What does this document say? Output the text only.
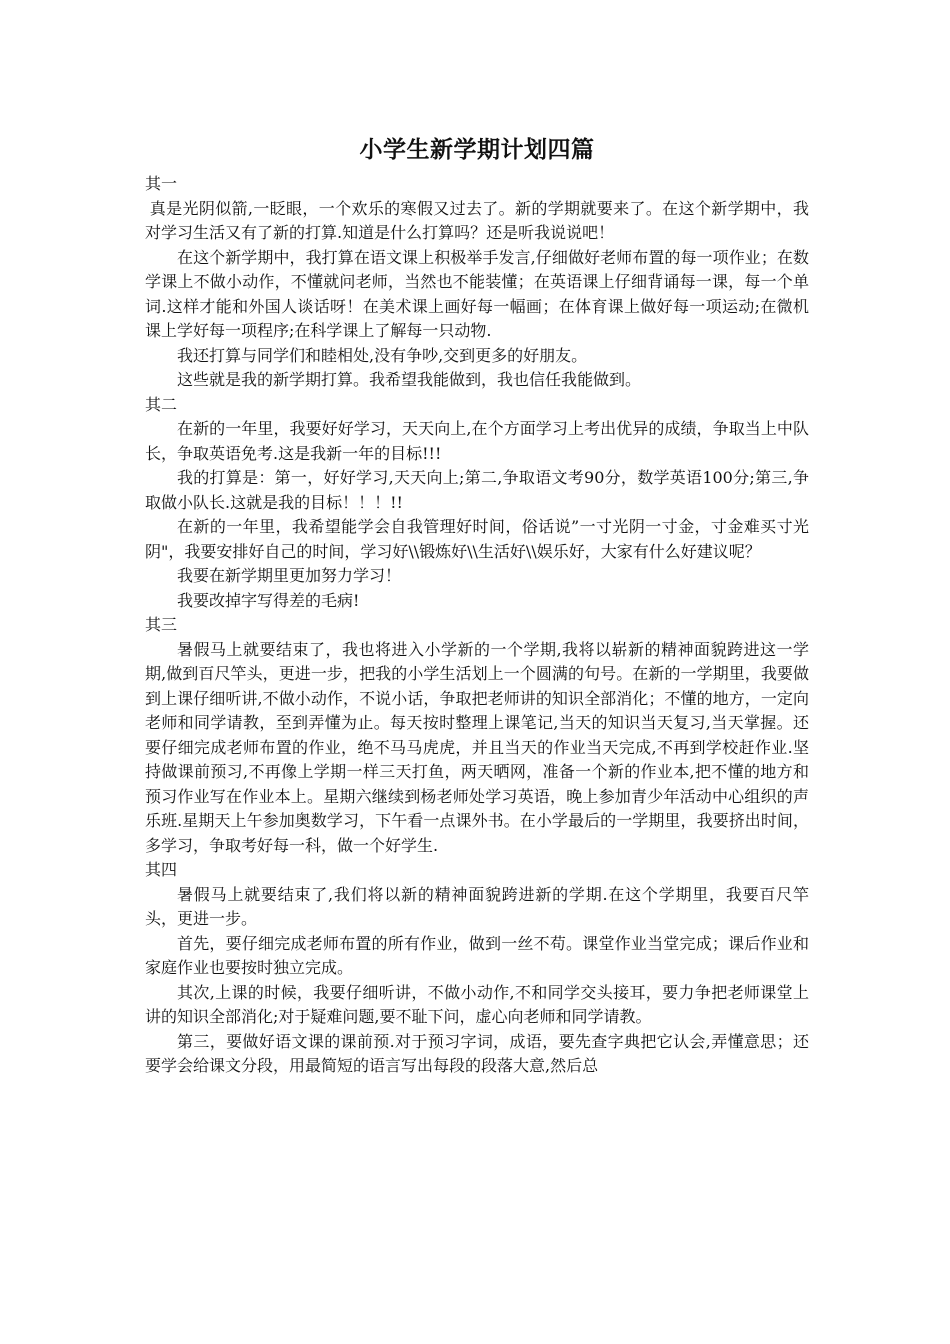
小学生新学期计划四篇

其一

真是光阴似箭,一眨眼，一个欢乐的寒假又过去了。新的学期就要来了。在这个新学期中，我对学习生活又有了新的打算.知道是什么打算吗？还是听我说说吧！

在这个新学期中，我打算在语文课上积极举手发言,仔细做好老师布置的每一项作业；在数学课上不做小动作，不懂就问老师，当然也不能装懂；在英语课上仔细背诵每一课，每一个单词.这样才能和外国人谈话呀！在美术课上画好每一幅画；在体育课上做好每一项运动;在微机课上学好每一项程序;在科学课上了解每一只动物.

我还打算与同学们和睦相处,没有争吵,交到更多的好朋友。

这些就是我的新学期打算。我希望我能做到，我也信任我能做到。

其二

在新的一年里，我要好好学习，天天向上,在个方面学习上考出优异的成绩，争取当上中队长，争取英语免考.这是我新一年的目标!!!

我的打算是：第一，好好学习,天天向上;第二,争取语文考90分，数学英语100分;第三,争取做小队长.这就是我的目标！！！!!

在新的一年里，我希望能学会自我管理好时间，俗话说”一寸光阴一寸金，寸金难买寸光阴"，我要安排好自己的时间，学习好\\锻炼好\\生活好\\娱乐好，大家有什么好建议呢？

我要在新学期里更加努力学习！

我要改掉字写得差的毛病!

其三

暑假马上就要结束了，我也将进入小学新的一个学期,我将以崭新的精神面貌跨进这一学期,做到百尺竿头，更进一步，把我的小学生活划上一个圆满的句号。在新的一学期里，我要做到上课仔细听讲,不做小动作，不说小话，争取把老师讲的知识全部消化；不懂的地方，一定向老师和同学请教，至到弄懂为止。每天按时整理上课笔记,当天的知识当天复习,当天掌握。还要仔细完成老师布置的作业，绝不马马虎虎，并且当天的作业当天完成,不再到学校赶作业.坚持做课前预习,不再像上学期一样三天打鱼，两天晒网，准备一个新的作业本,把不懂的地方和预习作业写在作业本上。星期六继续到杨老师处学习英语，晚上参加青少年活动中心组织的声乐班.星期天上午参加奥数学习，下午看一点课外书。在小学最后的一学期里，我要挤出时间，多学习，争取考好每一科，做一个好学生.

其四

暑假马上就要结束了,我们将以新的精神面貌跨进新的学期.在这个学期里，我要百尺竿头，更进一步。

首先，要仔细完成老师布置的所有作业，做到一丝不苟。课堂作业当堂完成；课后作业和家庭作业也要按时独立完成。

其次,上课的时候，我要仔细听讲，不做小动作,不和同学交头接耳，要力争把老师课堂上讲的知识全部消化;对于疑难问题,要不耻下问，虚心向老师和同学请教。

第三，要做好语文课的课前预.对于预习字词，成语，要先查字典把它认会,弄懂意思；还要学会给课文分段，用最简短的语言写出每段的段落大意,然后总
